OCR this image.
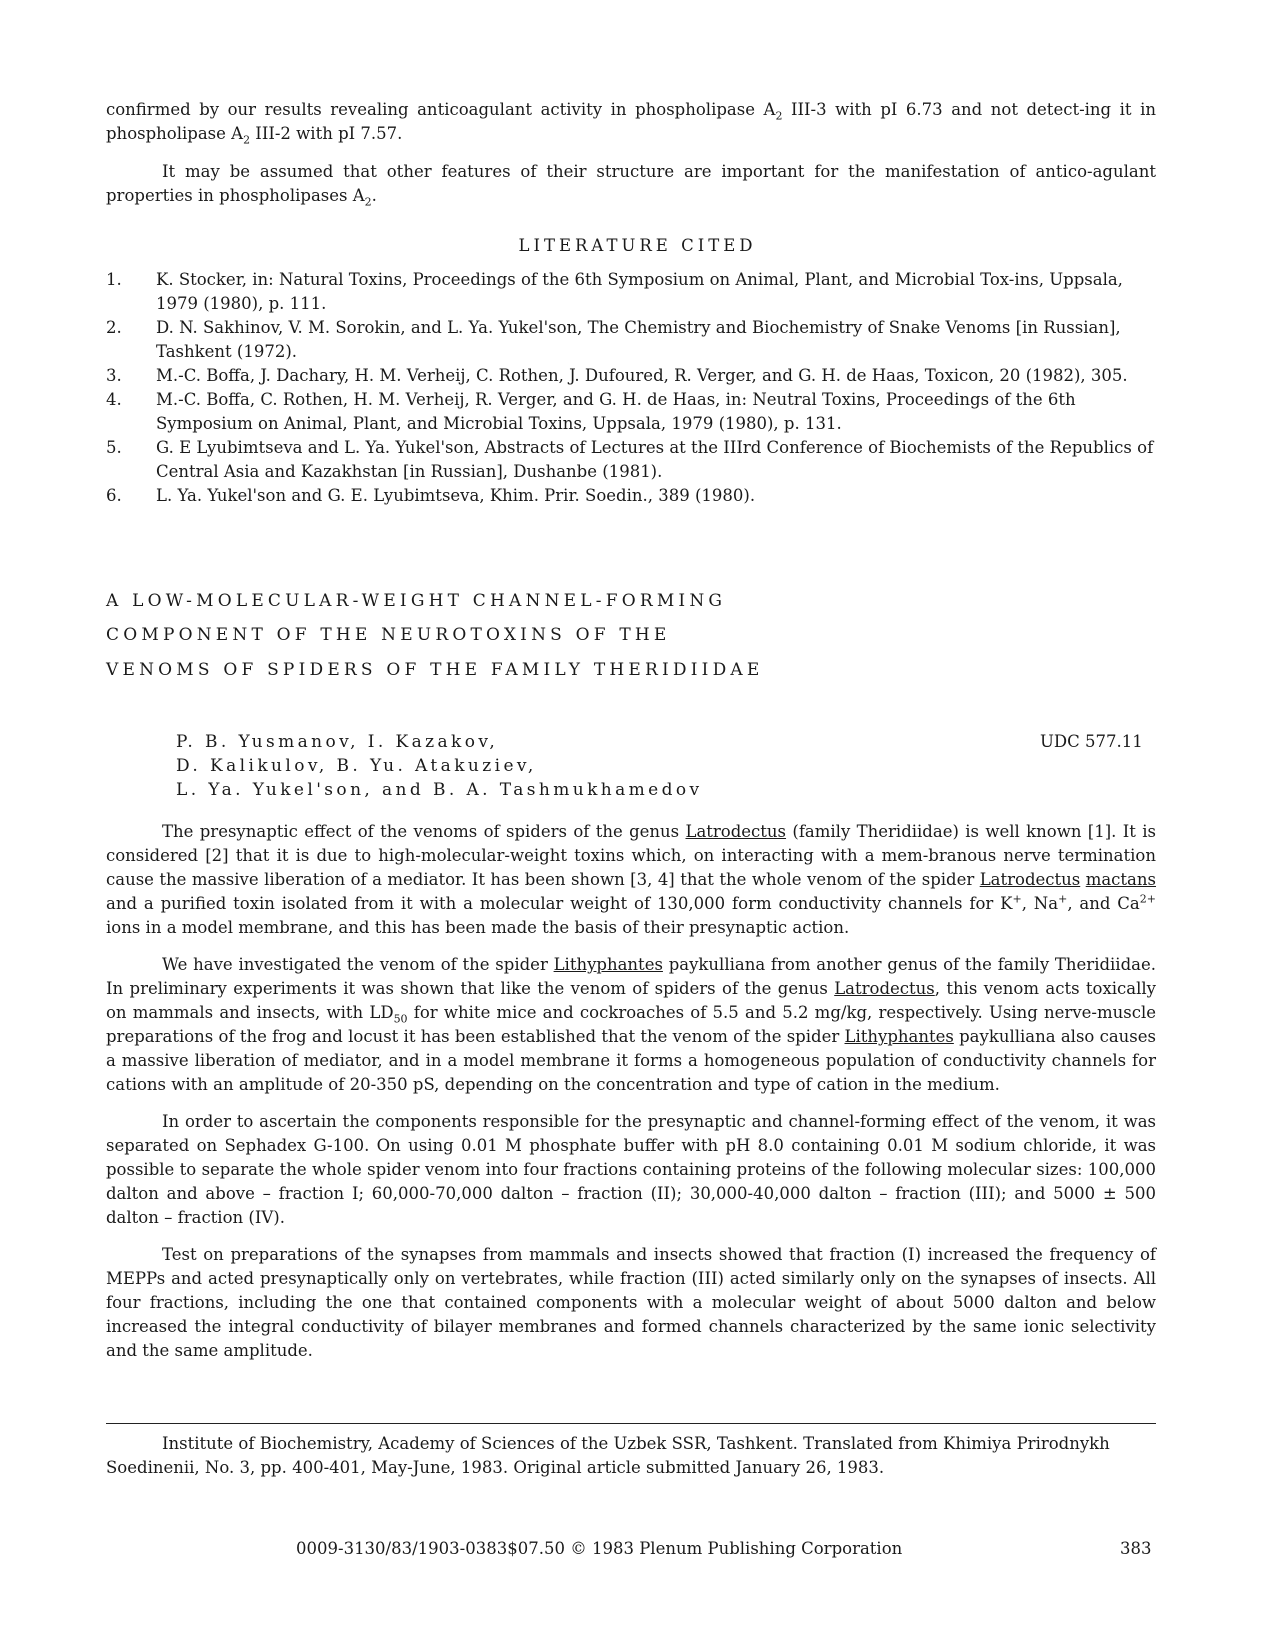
confirmed by our results revealing anticoagulant activity in phospholipase $A_2$ III-3 with pI 6.73 and not detect-ing it in phospholipase $A_2$ III-2 with pI 7.57.

It may be assumed that other features of their structure are important for the manifestation of antico-agulant properties in phospholipases $A_2$.

LITERATURE CITED
1.	K. Stocker, in: Natural Toxins, Proceedings of the 6th Symposium on Animal, Plant, and Microbial Tox-ins, Uppsala, 1979 (1980), p. 111.
2.	D. N. Sakhinov, V. M. Sorokin, and L. Ya. Yukel'son, The Chemistry and Biochemistry of Snake Venoms [in Russian], Tashkent (1972).
3.	M.-C. Boffa, J. Dachary, H. M. Verheij, C. Rothen, J. Dufoured, R. Verger, and G. H. de Haas, Toxicon, 20 (1982), 305.
4.	M.-C. Boffa, C. Rothen, H. M. Verheij, R. Verger, and G. H. de Haas, in: Neutral Toxins, Proceedings of the 6th Symposium on Animal, Plant, and Microbial Toxins, Uppsala, 1979 (1980), p. 131.
5.	G. E Lyubimtseva and L. Ya. Yukel'son, Abstracts of Lectures at the IIIrd Conference of Biochemists of the Republics of Central Asia and Kazakhstan [in Russian], Dushanbe (1981).
6.	L. Ya. Yukel'son and G. E. Lyubimtseva, Khim. Prir. Soedin., 389 (1980).
A LOW-MOLECULAR-WEIGHT CHANNEL-FORMING
COMPONENT OF THE NEUROTOXINS OF THE
VENOMS OF SPIDERS OF THE FAMILY THERIDIIDAE
P. B. Yusmanov, I. Kazakov,
D. Kalikulov, B. Yu. Atakuziev,
L. Ya. Yukel'son, and B. A. Tashmukhamedov
UDC 577.11

The presynaptic effect of the venoms of spiders of the genus Latrodectus (family Theridiidae) is well known [1]. It is considered [2] that it is due to high-molecular-weight toxins which, on interacting with a mem-branous nerve termination cause the massive liberation of a mediator. It has been shown [3, 4] that the whole venom of the spider Latrodectus mactans and a purified toxin isolated from it with a molecular weight of 130,000 form conductivity channels for K+, Na+, and $Ca^{2+}$ ions in a model membrane, and this has been made the basis of their presynaptic action.

We have investigated the venom of the spider Lithyphantes paykulliana from another genus of the family Theridiidae. In preliminary experiments it was shown that like the venom of spiders of the genus Latrodectus, this venom acts toxically on mammals and insects, with $LD_{50}$ for white mice and cockroaches of 5.5 and 5.2 mg/kg, respectively. Using nerve-muscle preparations of the frog and locust it has been established that the venom of the spider Lithyphantes paykulliana also causes a massive liberation of mediator, and in a model membrane it forms a homogeneous population of conductivity channels for cations with an amplitude of 20-350 pS, depending on the concentration and type of cation in the medium.

In order to ascertain the components responsible for the presynaptic and channel-forming effect of the venom, it was separated on Sephadex G-100. On using 0.01 M phosphate buffer with pH 8.0 containing 0.01 M sodium chloride, it was possible to separate the whole spider venom into four fractions containing proteins of the following molecular sizes: 100,000 dalton and above – fraction I; 60,000-70,000 dalton – fraction (II); 30,000-40,000 dalton – fraction (III); and 5000 ± 500 dalton – fraction (IV).

Test on preparations of the synapses from mammals and insects showed that fraction (I) increased the frequency of MEPPs and acted presynaptically only on vertebrates, while fraction (III) acted similarly only on the synapses of insects. All four fractions, including the one that contained components with a molecular weight of about 5000 dalton and below increased the integral conductivity of bilayer membranes and formed channels characterized by the same ionic selectivity and the same amplitude.

Institute of Biochemistry, Academy of Sciences of the Uzbek SSR, Tashkent. Translated from Khimiya Prirodnykh Soedinenii, No. 3, pp. 400-401, May-June, 1983. Original article submitted January 26, 1983.

0009-3130/83/1903-0383$07.50 © 1983 Plenum Publishing Corporation	383
